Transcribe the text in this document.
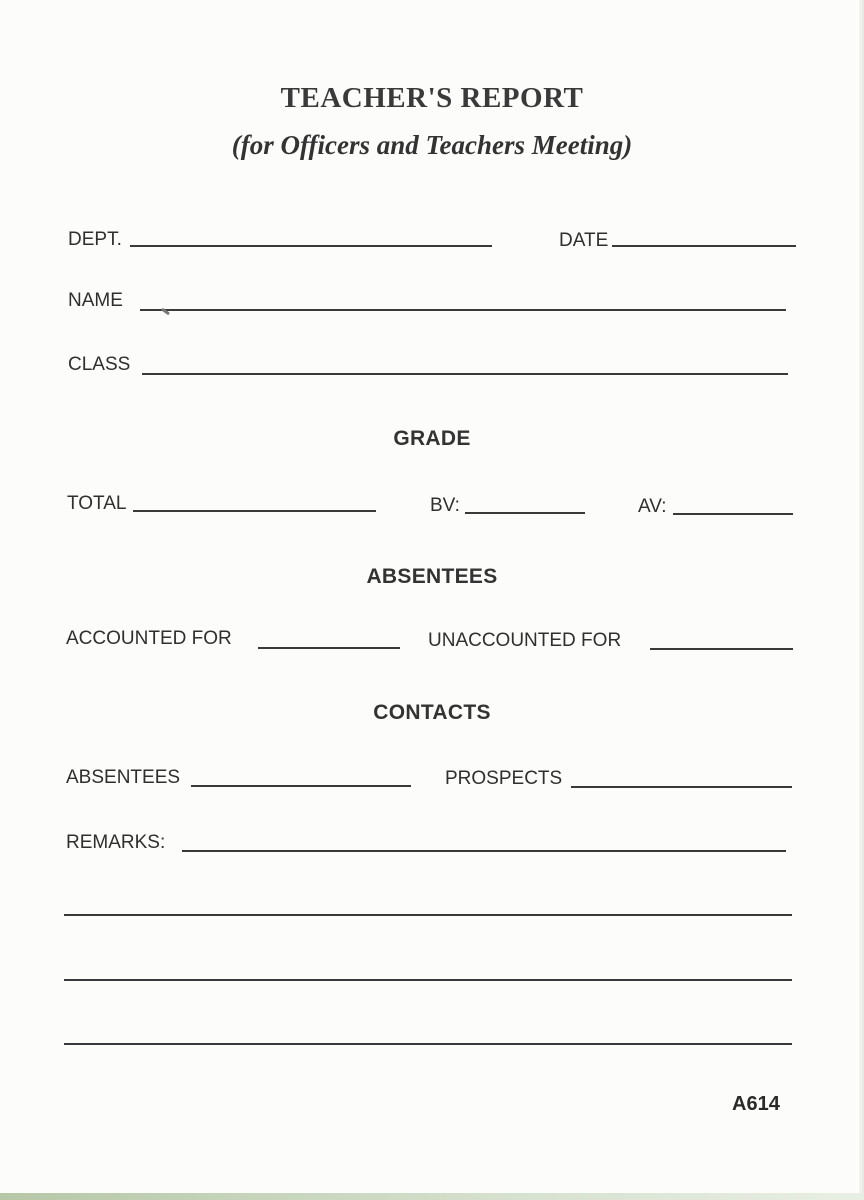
TEACHER'S REPORT
(for Officers and Teachers Meeting)
DEPT.	DATE
NAME
CLASS
GRADE
TOTAL	BV:	AV:
ABSENTEES
ACCOUNTED FOR	UNACCOUNTED FOR
CONTACTS
ABSENTEES	PROSPECTS
REMARKS:
A614
